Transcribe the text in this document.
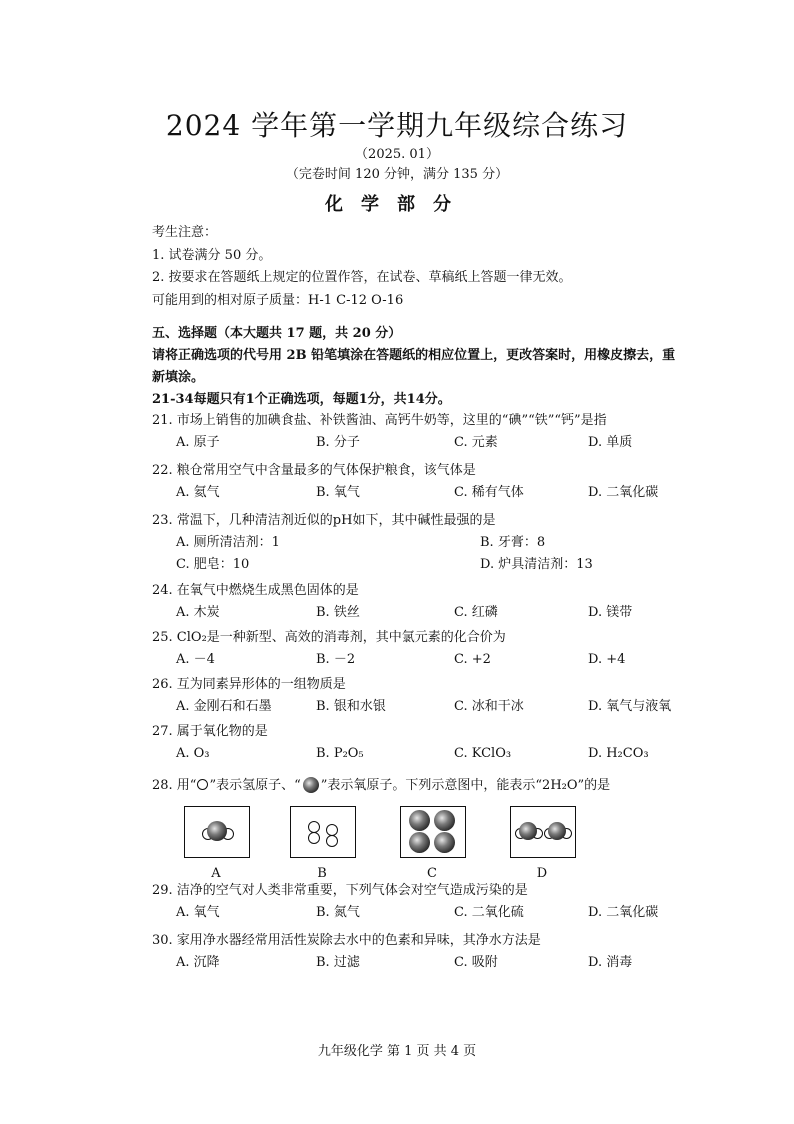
2024 学年第一学期九年级综合练习
（2025. 01）
（完卷时间 120 分钟，满分 135 分）
化学部分
考生注意：
1. 试卷满分 50 分。
2. 按要求在答题纸上规定的位置作答，在试卷、草稿纸上答题一律无效。
可能用到的相对原子质量：H-1 C-12 O-16
五、选择题（本大题共 17 题，共 20 分）
请将正确选项的代号用 2B 铅笔填涂在答题纸的相应位置上，更改答案时，用橡皮擦去，重
新填涂。
21-34每题只有1个正确选项，每题1分，共14分。
21. 市场上销售的加碘食盐、补铁酱油、高钙牛奶等，这里的“碘”“铁”“钙”是指
A. 原子	B. 分子	C. 元素	D. 单质
22. 粮仓常用空气中含量最多的气体保护粮食，该气体是
A. 氦气	B. 氧气	C. 稀有气体	D. 二氧化碳
23. 常温下，几种清洁剂近似的pH如下，其中碱性最强的是
A. 厕所清洁剂：1	B. 牙膏：8
C. 肥皂：10	D. 炉具清洁剂：13
24. 在氧气中燃烧生成黑色固体的是
A. 木炭	B. 铁丝	C. 红磷	D. 镁带
25. ClO₂是一种新型、高效的消毒剂，其中氯元素的化合价为
A. －4	B. －2	C. +2	D. +4
26. 互为同素异形体的一组物质是
A. 金刚石和石墨	B. 银和水银	C. 冰和干冰	D. 氧气与液氧
27. 属于氧化物的是
A. O₃	B. P₂O₅	C. KClO₃	D. H₂CO₃
28. 用“ ”表示氢原子、“ ”表示氧原子。下列示意图中，能表示“2H₂O”的是
A	B	C	D
29. 洁净的空气对人类非常重要，下列气体会对空气造成污染的是
A. 氧气	B. 氮气	C. 二氧化硫	D. 二氧化碳
30. 家用净水器经常用活性炭除去水中的色素和异味，其净水方法是
A. 沉降	B. 过滤	C. 吸附	D. 消毒
九年级化学 第 1 页 共 4 页
